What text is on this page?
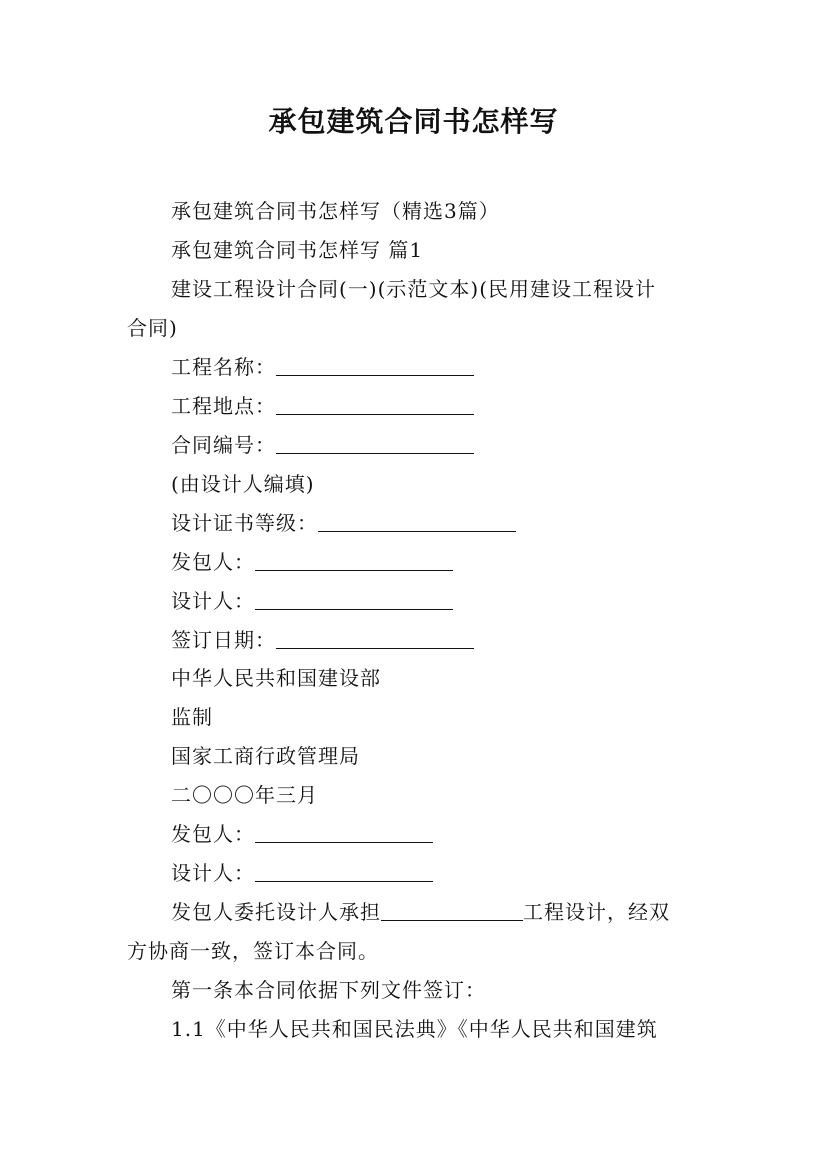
承包建筑合同书怎样写
承包建筑合同书怎样写（精选3篇）
承包建筑合同书怎样写 篇1
建设工程设计合同(一)(示范文本)(民用建设工程设计
合同)
工程名称：
工程地点：
合同编号：
(由设计人编填)
设计证书等级：
发包人：
设计人：
签订日期：
中华人民共和国建设部
监制
国家工商行政管理局
二〇〇〇年三月
发包人：
设计人：
发包人委托设计人承担	工程设计，经双
方协商一致，签订本合同。
第一条本合同依据下列文件签订：
1.1《中华人民共和国民法典》《中华人民共和国建筑
